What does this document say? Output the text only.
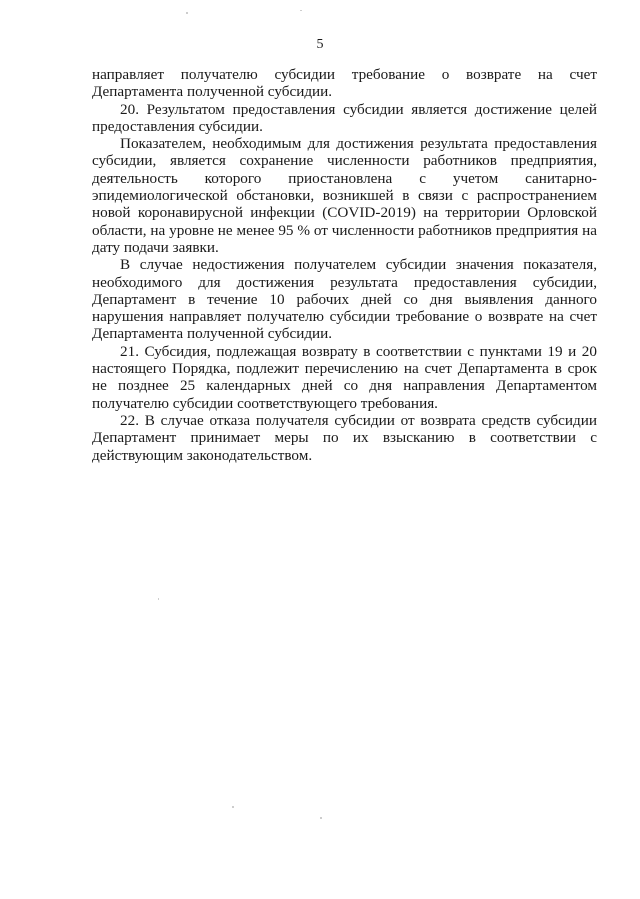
5

направляет получателю субсидии требование о возврате на счет Департамента полученной субсидии.

20. Результатом предоставления субсидии является достижение целей предоставления субсидии.

Показателем, необходимым для достижения результата предоставления субсидии, является сохранение численности работников предприятия, деятельность которого приостановлена с учетом санитарно-эпидемиологической обстановки, возникшей в связи с распространением новой коронавирусной инфекции (COVID-2019) на территории Орловской области, на уровне не менее 95 % от численности работников предприятия на дату подачи заявки.

В случае недостижения получателем субсидии значения показателя, необходимого для достижения результата предоставления субсидии, Департамент в течение 10 рабочих дней со дня выявления данного нарушения направляет получателю субсидии требование о возврате на счет Департамента полученной субсидии.

21. Субсидия, подлежащая возврату в соответствии с пунктами 19 и 20 настоящего Порядка, подлежит перечислению на счет Департамента в срок не позднее 25 календарных дней со дня направления Департаментом получателю субсидии соответствующего требования.

22. В случае отказа получателя субсидии от возврата средств субсидии Департамент принимает меры по их взысканию в соответствии с действующим законодательством.
